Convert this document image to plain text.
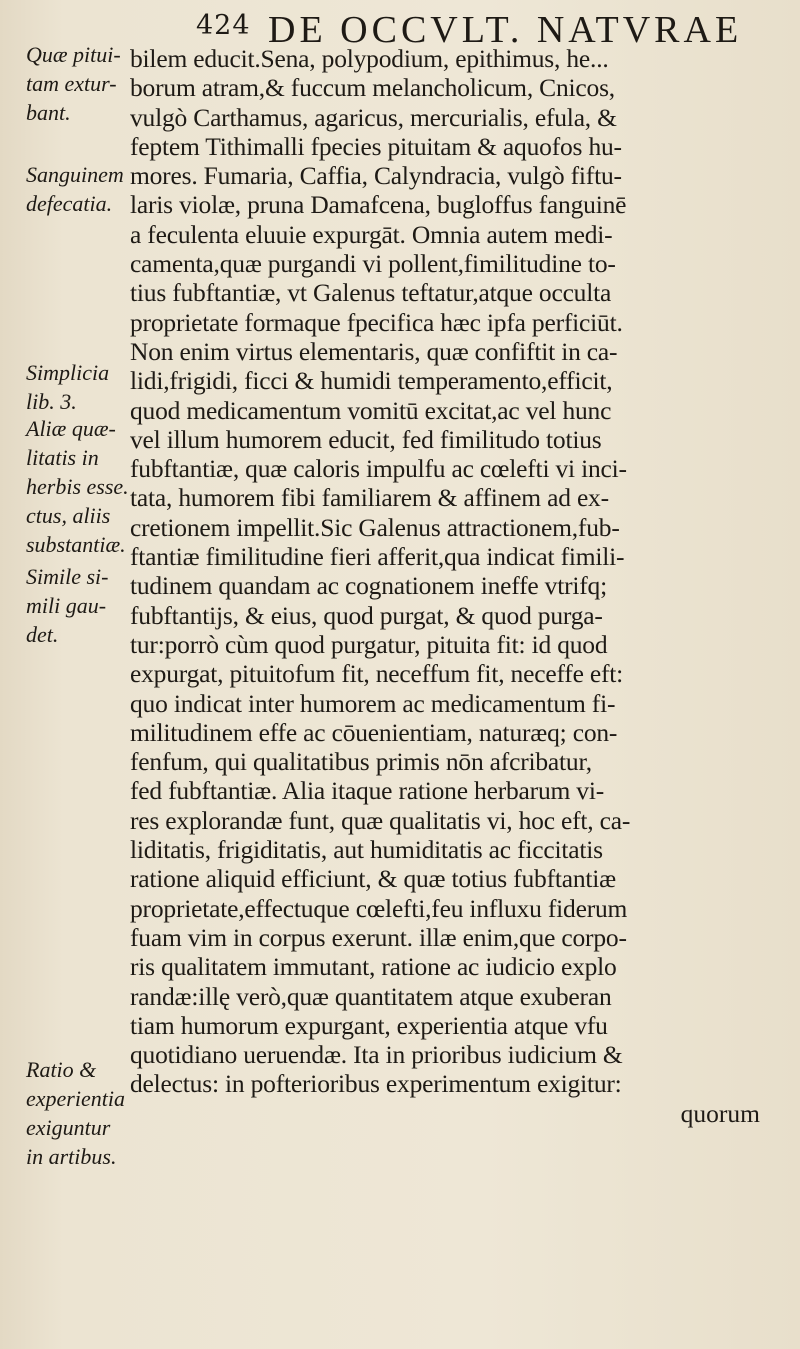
424 DE OCCVLT. NATVRAE
Quæ pitui-
tam extur-
bant.
Sanguinem
defecatia.
Simplicia
lib. 3.
Aliæ quæ-
litatis in
herbis esse.
ctus, aliis
substantiæ.
Simile si-
mili gau-
det.
Ratio &
experientia
exiguntur
in artibus.
bilem educit.Sena, polypodium, epithimus, he...
borum atram,& fuccum melancholicum, Cnicos,
vulgò Carthamus, agaricus, mercurialis, efula, &
feptem Tithimalli fpecies pituitam & aquofos hu-
mores. Fumaria, Caffia, Calyndracia, vulgò fiftu-
laris violæ, pruna Damafcena, bugloffus fanguinē
a feculenta eluuie expurgāt. Omnia autem medi-
camenta,quæ purgandi vi pollent,fimilitudine to-
tius fubftantiæ, vt Galenus teftatur,atque occulta
proprietate formaque fpecifica hæc ipfa perficiūt.
Non enim virtus elementaris, quæ confiftit in ca-
lidi,frigidi, ficci & humidi temperamento,efficit,
quod medicamentum vomitū excitat,ac vel hunc
vel illum humorem educit, fed fimilitudo totius
fubftantiæ, quæ caloris impulfu ac cœlefti vi inci-
tata, humorem fibi familiarem & affinem ad ex-
cretionem impellit.Sic Galenus attractionem,fub-
ftantiæ fimilitudine fieri afferit,qua indicat fimili-
tudinem quandam ac cognationem ineffe vtrifq;
fubftantijs, & eius, quod purgat, & quod purga-
tur:porrò cùm quod purgatur, pituita fit: id quod
expurgat, pituitofum fit, neceffum fit, neceffe eft:
quo indicat inter humorem ac medicamentum fi-
militudinem effe ac cōuenientiam, naturæq; con-
fenfum, qui qualitatibus primis nōn afcribatur,
fed fubftantiæ. Alia itaque ratione herbarum vi-
res explorandæ funt, quæ qualitatis vi, hoc eft, ca-
liditatis, frigiditatis, aut humiditatis ac ficcitatis
ratione aliquid efficiunt, & quæ totius fubftantiæ
proprietate,effectuque cœlefti,feu influxu fiderum
fuam vim in corpus exerunt. illæ enim,que corpo-
ris qualitatem immutant, ratione ac iudicio explo
randæ:illę verò,quæ quantitatem atque exuberan
tiam humorum expurgant, experientia atque vfu
quotidiano ueruendæ. Ita in prioribus iudicium &
delectus: in pofterioribus experimentum exigitur:
quorum
